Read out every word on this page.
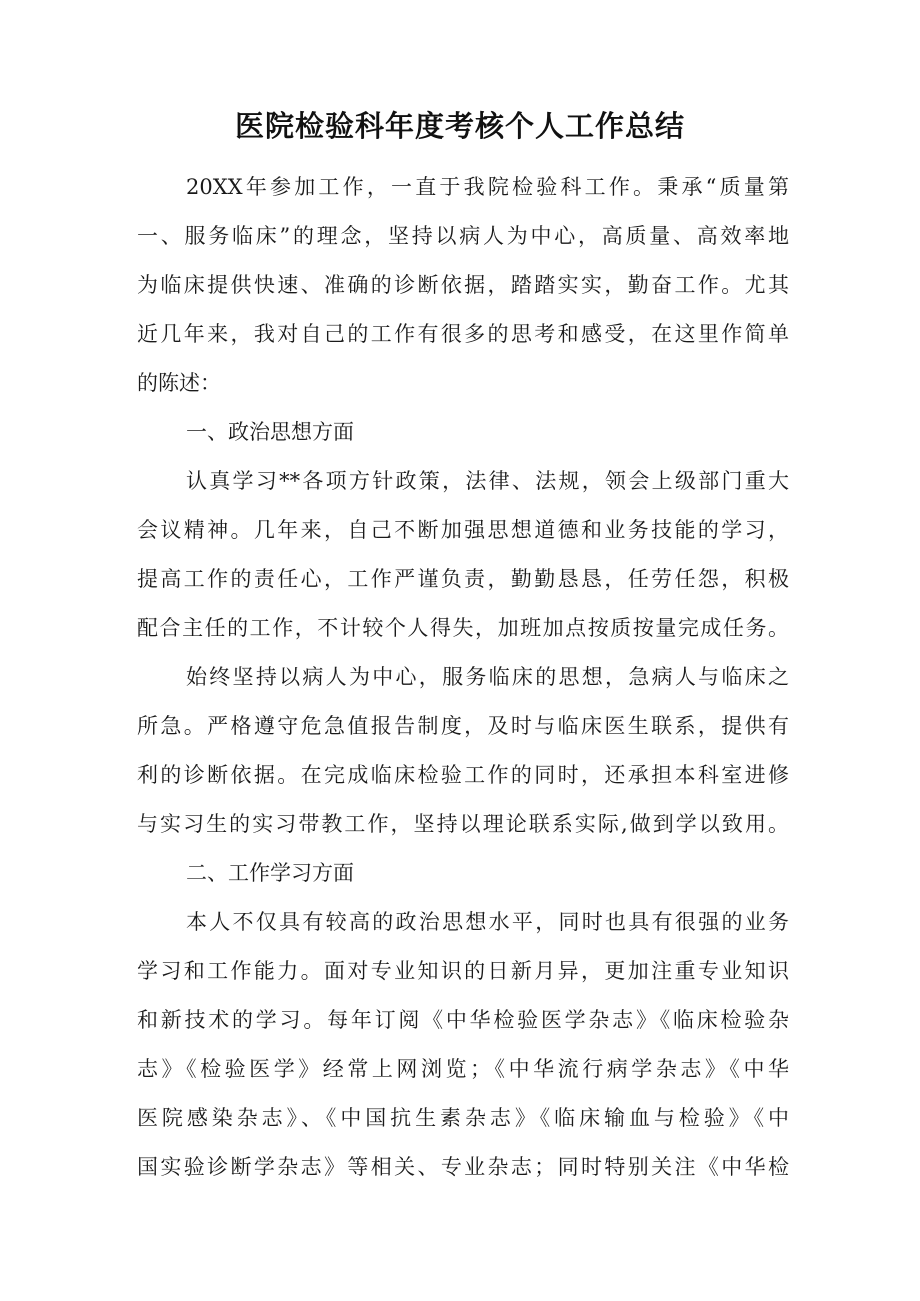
医院检验科年度考核个人工作总结
20XX年参加工作，一直于我院检验科工作。秉承“质量第
一、服务临床”的理念，坚持以病人为中心，高质量、高效率地
为临床提供快速、准确的诊断依据，踏踏实实，勤奋工作。尤其
近几年来，我对自己的工作有很多的思考和感受，在这里作简单
的陈述：
一、政治思想方面
认真学习**各项方针政策，法律、法规，领会上级部门重大
会议精神。几年来，自己不断加强思想道德和业务技能的学习，
提高工作的责任心，工作严谨负责，勤勤恳恳，任劳任怨，积极
配合主任的工作，不计较个人得失，加班加点按质按量完成任务。
始终坚持以病人为中心，服务临床的思想，急病人与临床之
所急。严格遵守危急值报告制度，及时与临床医生联系，提供有
利的诊断依据。在完成临床检验工作的同时，还承担本科室进修
与实习生的实习带教工作，坚持以理论联系实际,做到学以致用。
二、工作学习方面
本人不仅具有较高的政治思想水平，同时也具有很强的业务
学习和工作能力。面对专业知识的日新月异，更加注重专业知识
和新技术的学习。每年订阅《中华检验医学杂志》《临床检验杂
志》《检验医学》经常上网浏览；《中华流行病学杂志》《中华
医院感染杂志》、《中国抗生素杂志》《临床输血与检验》《中
国实验诊断学杂志》等相关、专业杂志；同时特别关注《中华检
